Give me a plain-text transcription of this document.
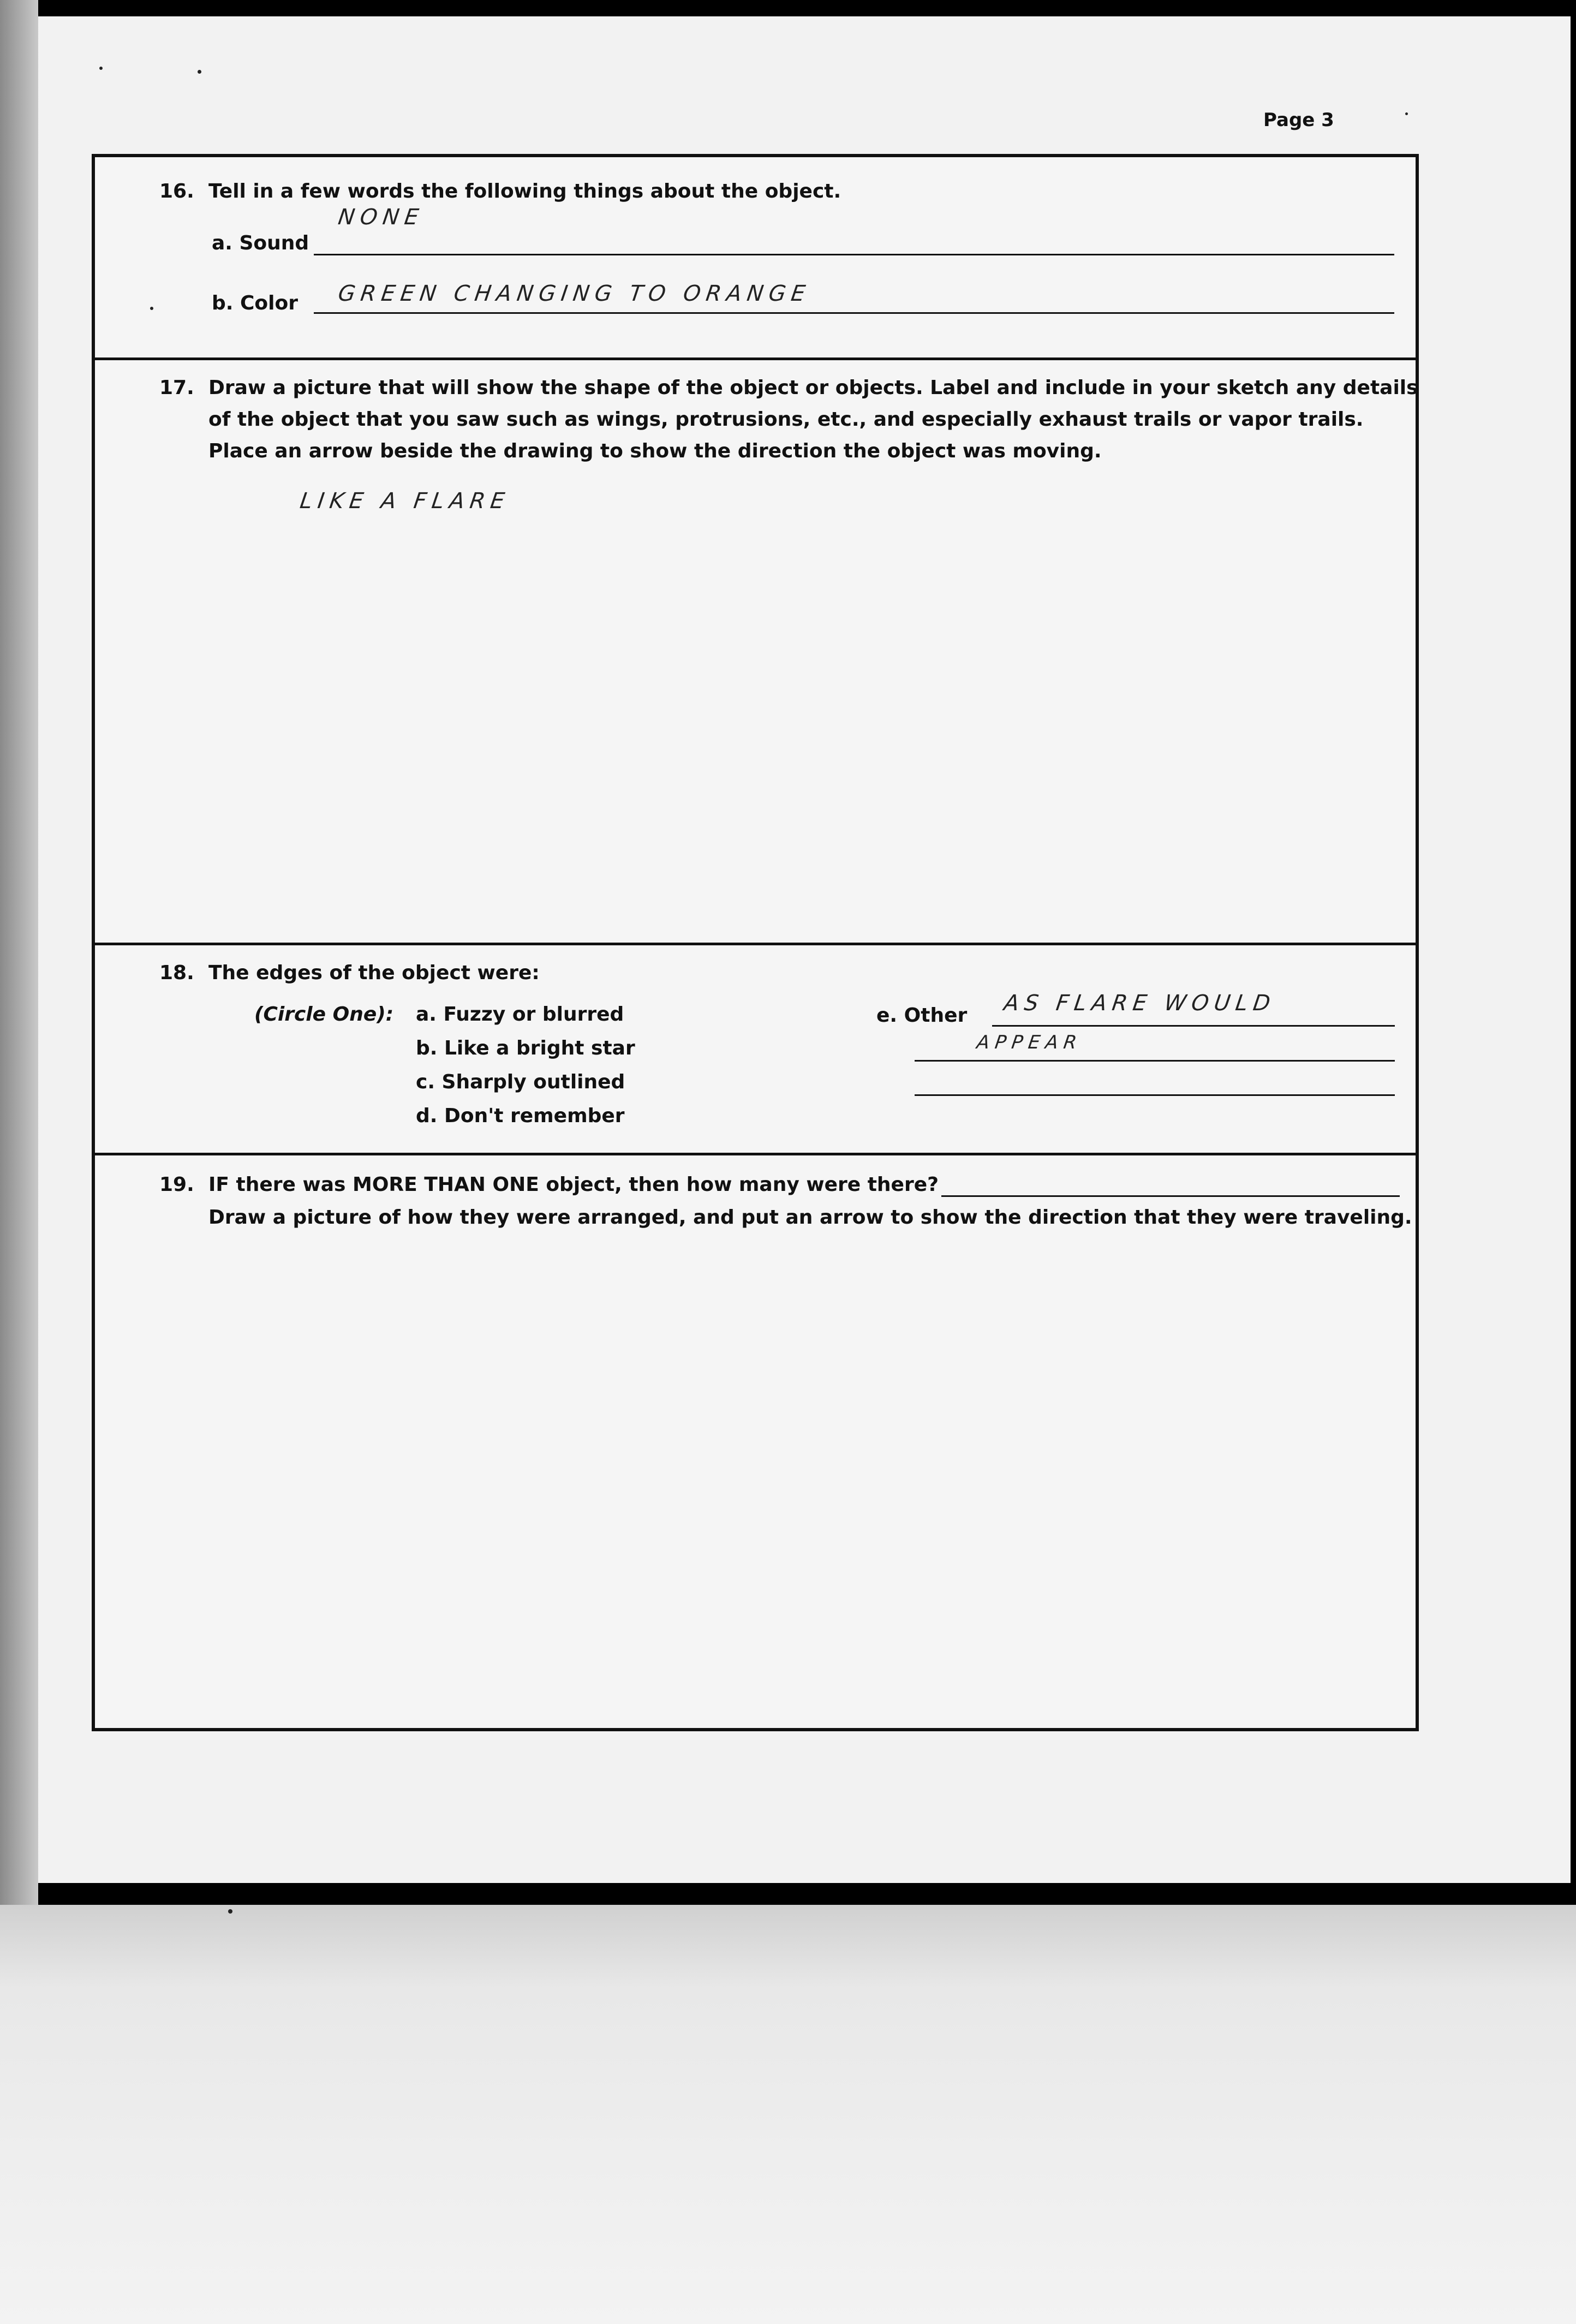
Page 3
16. Tell in a few words the following things about the object.
a. Sound
NONE
b. Color GREEN CHANGING TO ORANGE
17. Draw a picture that will show the shape of the object or objects. Label and include in your sketch any details
of the object that you saw such as wings, protrusions, etc., and especially exhaust trails or vapor trails.
Place an arrow beside the drawing to show the direction the object was moving.
LIKE A FLARE
18. The edges of the object were:
(Circle One): a. Fuzzy or blurred
b. Like a bright star
c. Sharply outlined
d. Don't remember
e. Other AS FLARE WOULD
APPEAR
19. IF there was MORE THAN ONE object, then how many were there?
Draw a picture of how they were arranged, and put an arrow to show the direction that they were traveling.
